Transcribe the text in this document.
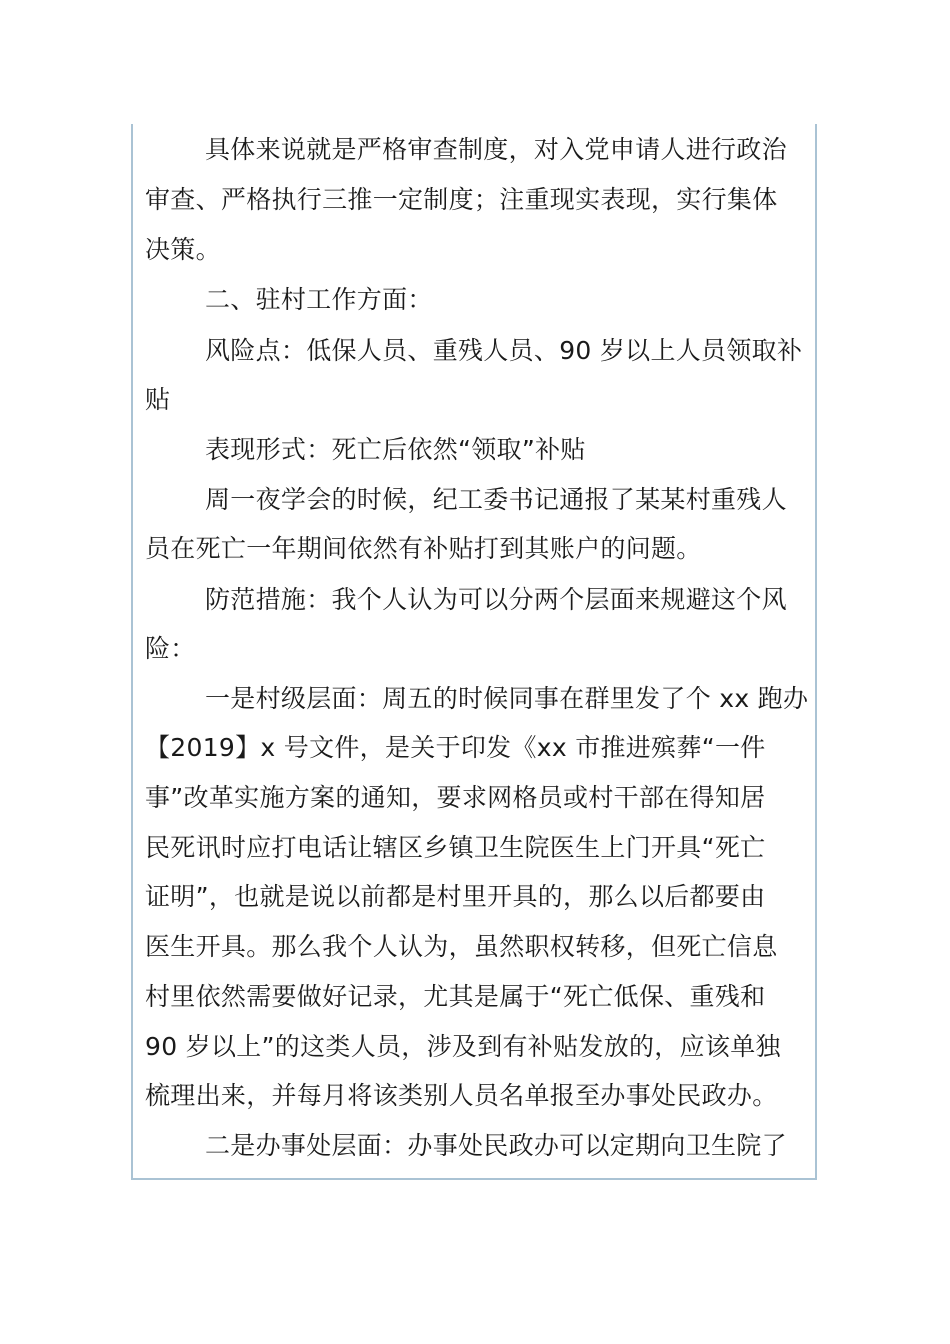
具体来说就是严格审查制度，对入党申请人进行政治
审查、严格执行三推一定制度；注重现实表现，实行集体
决策。
二、驻村工作方面：
风险点：低保人员、重残人员、90 岁以上人员领取补
贴
表现形式：死亡后依然“领取”补贴
周一夜学会的时候，纪工委书记通报了某某村重残人
员在死亡一年期间依然有补贴打到其账户的问题。
防范措施：我个人认为可以分两个层面来规避这个风
险：
一是村级层面：周五的时候同事在群里发了个 xx 跑办
【2019】x 号文件，是关于印发《xx 市推进殡葬“一件
事”改革实施方案的通知，要求网格员或村干部在得知居
民死讯时应打电话让辖区乡镇卫生院医生上门开具“死亡
证明”，也就是说以前都是村里开具的，那么以后都要由
医生开具。那么我个人认为，虽然职权转移，但死亡信息
村里依然需要做好记录，尤其是属于“死亡低保、重残和
90 岁以上”的这类人员，涉及到有补贴发放的，应该单独
梳理出来，并每月将该类别人员名单报至办事处民政办。
二是办事处层面：办事处民政办可以定期向卫生院了
